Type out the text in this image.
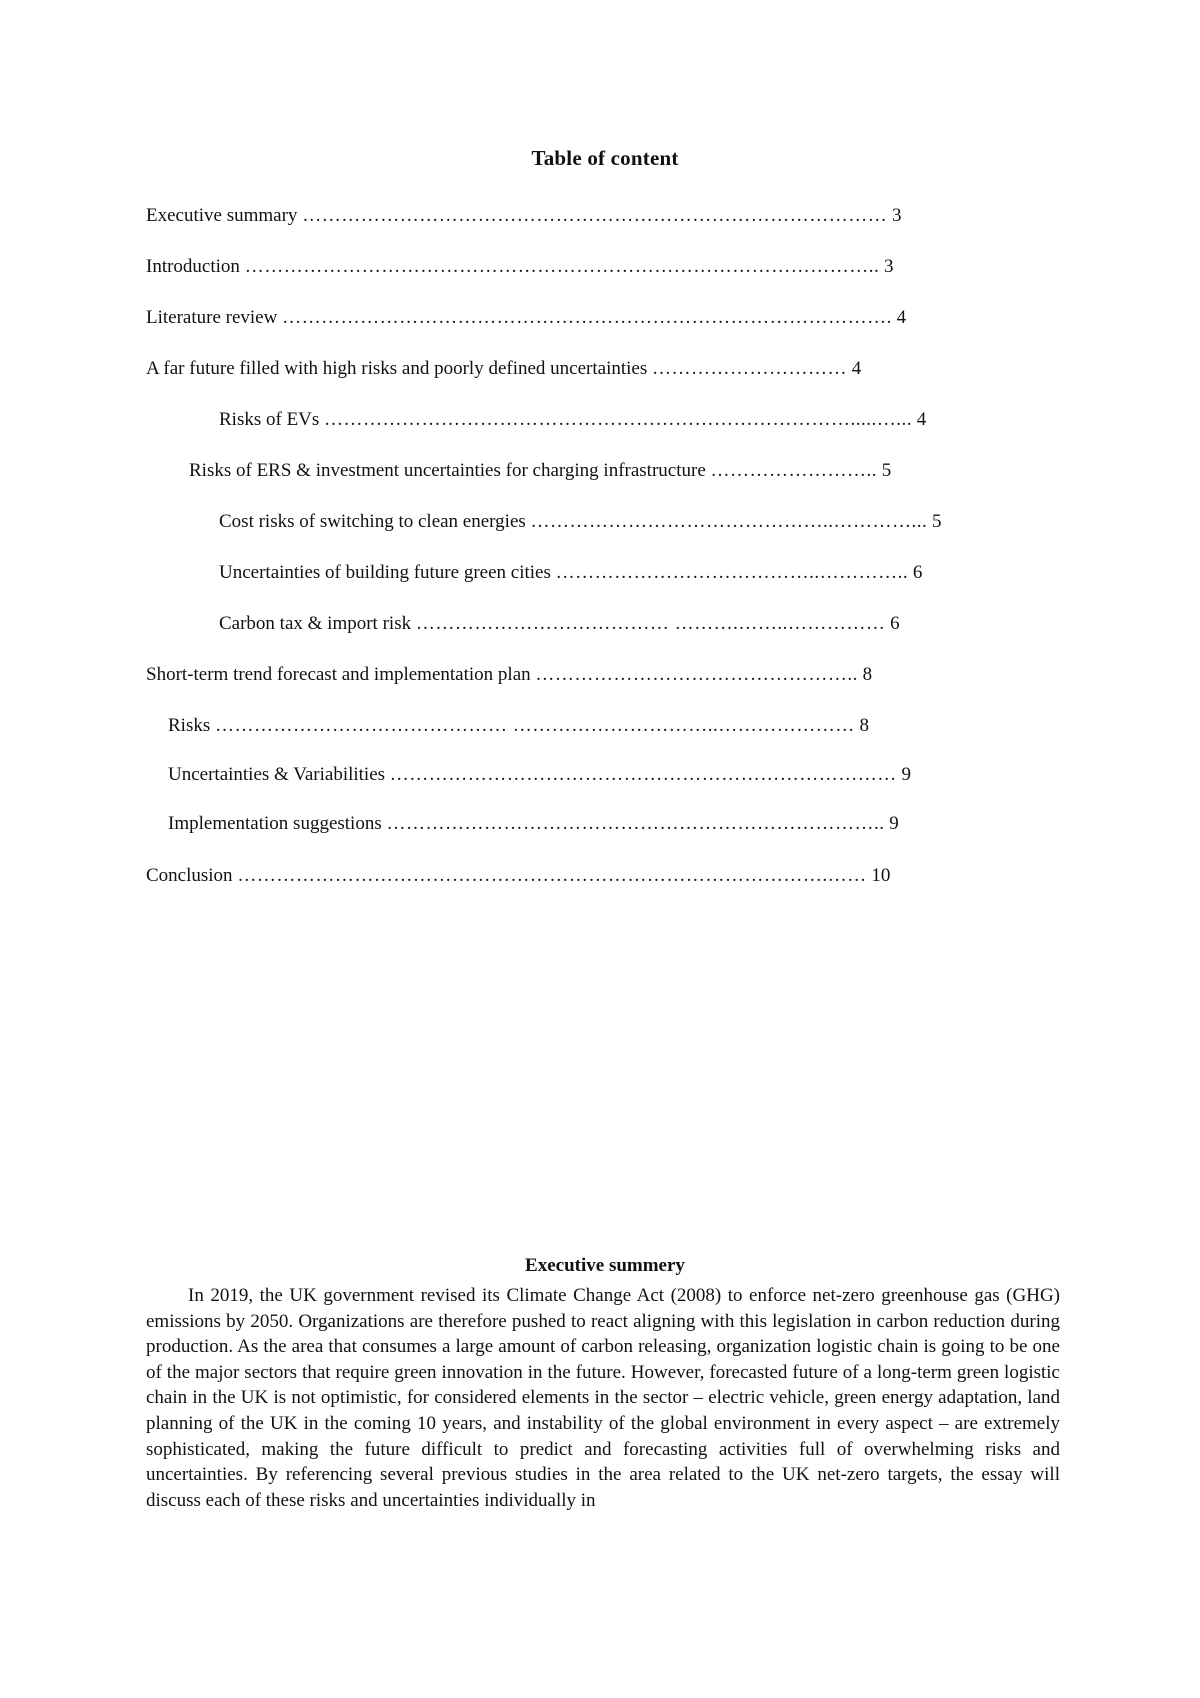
Table of content
Executive summary ……………………………………………………………………………… 3
Introduction …………………………………………………………………………………….. 3
Literature review …………………………………………………………………………………. 4
A far future filled with high risks and poorly defined uncertainties ………………………… 4
Risks of EVs ……………………………………………………………………….....…... 4
Risks of ERS & investment uncertainties for charging infrastructure …………………….. 5
Cost risks of switching to clean energies ………………………………………..…………... 5
Uncertainties of building future green cities …………………………………..………….. 6
Carbon tax & import risk ………………………………… ……….……..…………… 6
Short-term trend forecast and implementation plan ………………………………………….. 8
Risks ……………………………………… …………………………..………………… 8
Uncertainties & Variabilities …………………………………………………………………… 9
Implementation suggestions ………………………………………………………………….. 9
Conclusion ……………………………………………………………………………….…… 10
Executive summery

In 2019, the UK government revised its Climate Change Act (2008) to enforce net-zero greenhouse gas (GHG) emissions by 2050. Organizations are therefore pushed to react aligning with this legislation in carbon reduction during production. As the area that consumes a large amount of carbon releasing, organization logistic chain is going to be one of the major sectors that require green innovation in the future. However, forecasted future of a long-term green logistic chain in the UK is not optimistic, for considered elements in the sector – electric vehicle, green energy adaptation, land planning of the UK in the coming 10 years, and instability of the global environment in every aspect – are extremely sophisticated, making the future difficult to predict and forecasting activities full of overwhelming risks and uncertainties. By referencing several previous studies in the area related to the UK net-zero targets, the essay will discuss each of these risks and uncertainties individually in
